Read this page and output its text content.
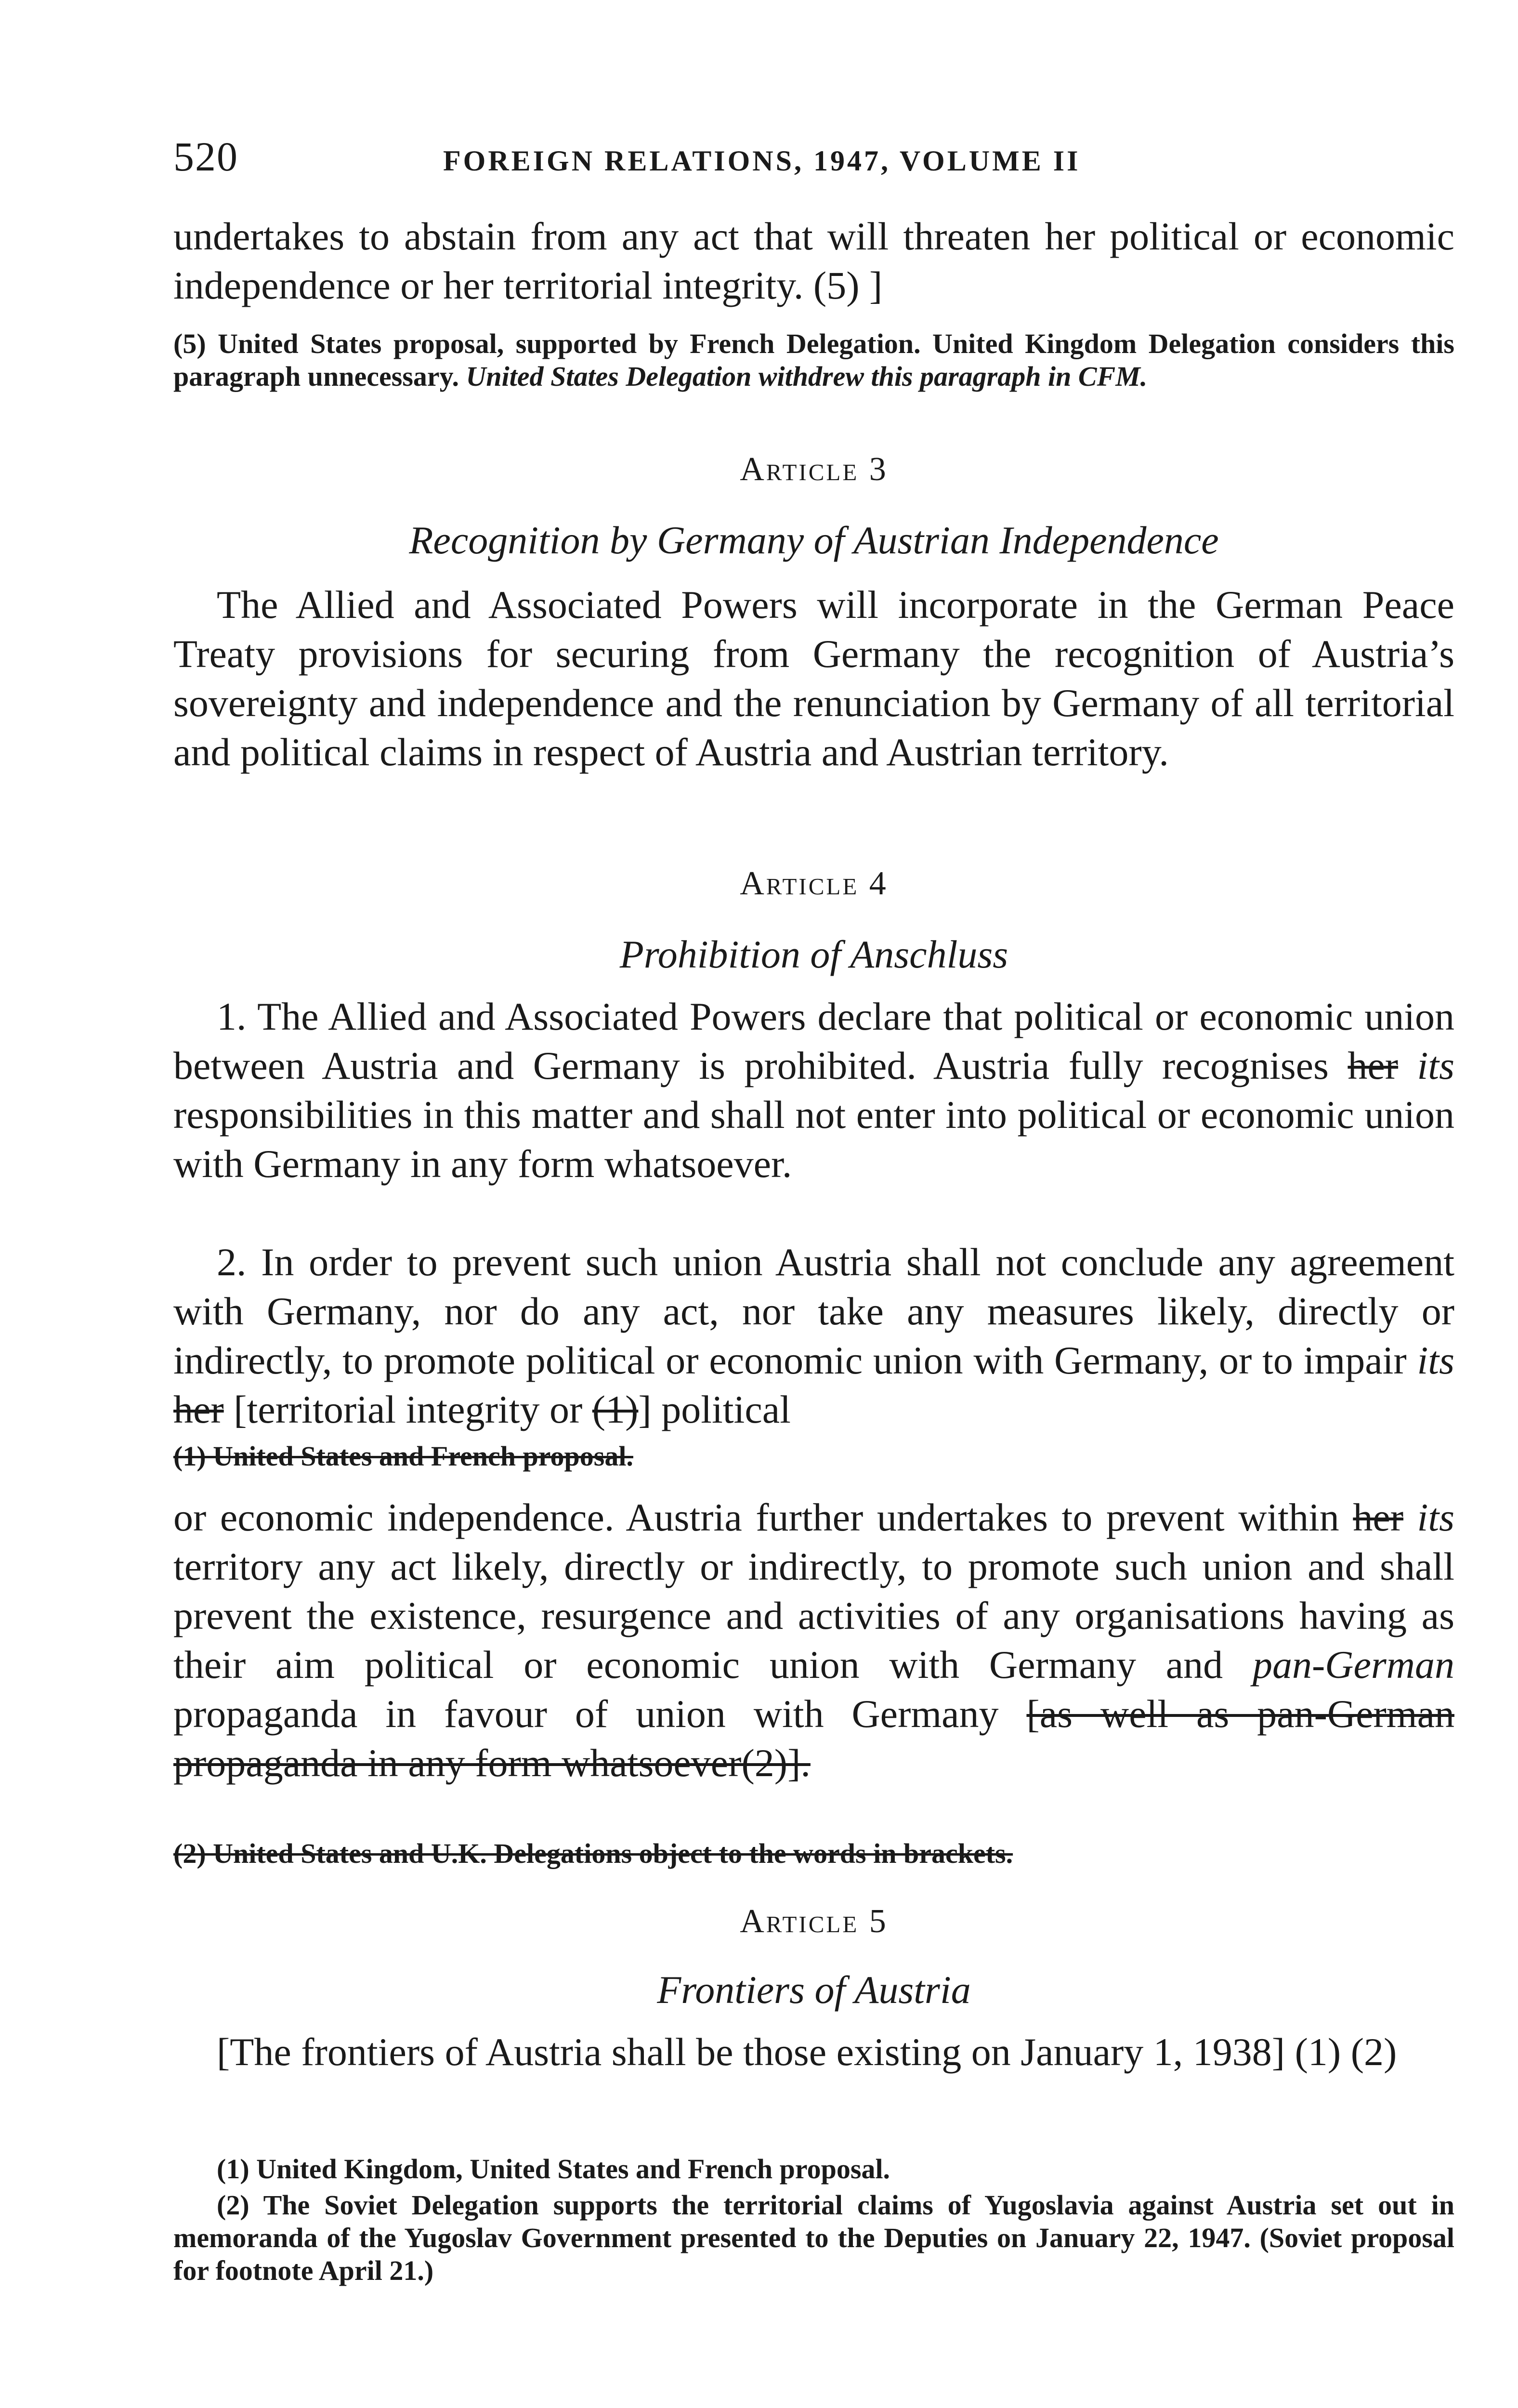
520	FOREIGN RELATIONS, 1947, VOLUME II

undertakes to abstain from any act that will threaten her political or economic independence or her territorial integrity. (5) ]

(5) United States proposal, supported by French Delegation. United Kingdom Delegation considers this paragraph unnecessary. United States Delegation withdrew this paragraph in CFM.

Article 3
Recognition by Germany of Austrian Independence

The Allied and Associated Powers will incorporate in the German Peace Treaty provisions for securing from Germany the recognition of Austria’s sovereignty and independence and the renunciation by Germany of all territorial and political claims in respect of Austria and Austrian territory.

Article 4
Prohibition of Anschluss

1. The Allied and Associated Powers declare that political or economic union between Austria and Germany is prohibited. Austria fully recognises her its responsibilities in this matter and shall not enter into political or economic union with Germany in any form whatsoever.

2. In order to prevent such union Austria shall not conclude any agreement with Germany, nor do any act, nor take any measures likely, directly or indirectly, to promote political or economic union with Germany, or to impair its her [territorial integrity or (1)] political

(1) United States and French proposal.

or economic independence. Austria further undertakes to prevent within her its territory any act likely, directly or indirectly, to promote such union and shall prevent the existence, resurgence and activities of any organisations having as their aim political or economic union with Germany and pan-German propaganda in favour of union with Germany [as well as pan-German propaganda in any form whatsoever(2)].

(2) United States and U.K. Delegations object to the words in brackets.

Article 5
Frontiers of Austria

[The frontiers of Austria shall be those existing on January 1, 1938] (1) (2)

(1) United Kingdom, United States and French proposal.

(2) The Soviet Delegation supports the territorial claims of Yugoslavia against Austria set out in memoranda of the Yugoslav Government presented to the Deputies on January 22, 1947. (Soviet proposal for footnote April 21.)
